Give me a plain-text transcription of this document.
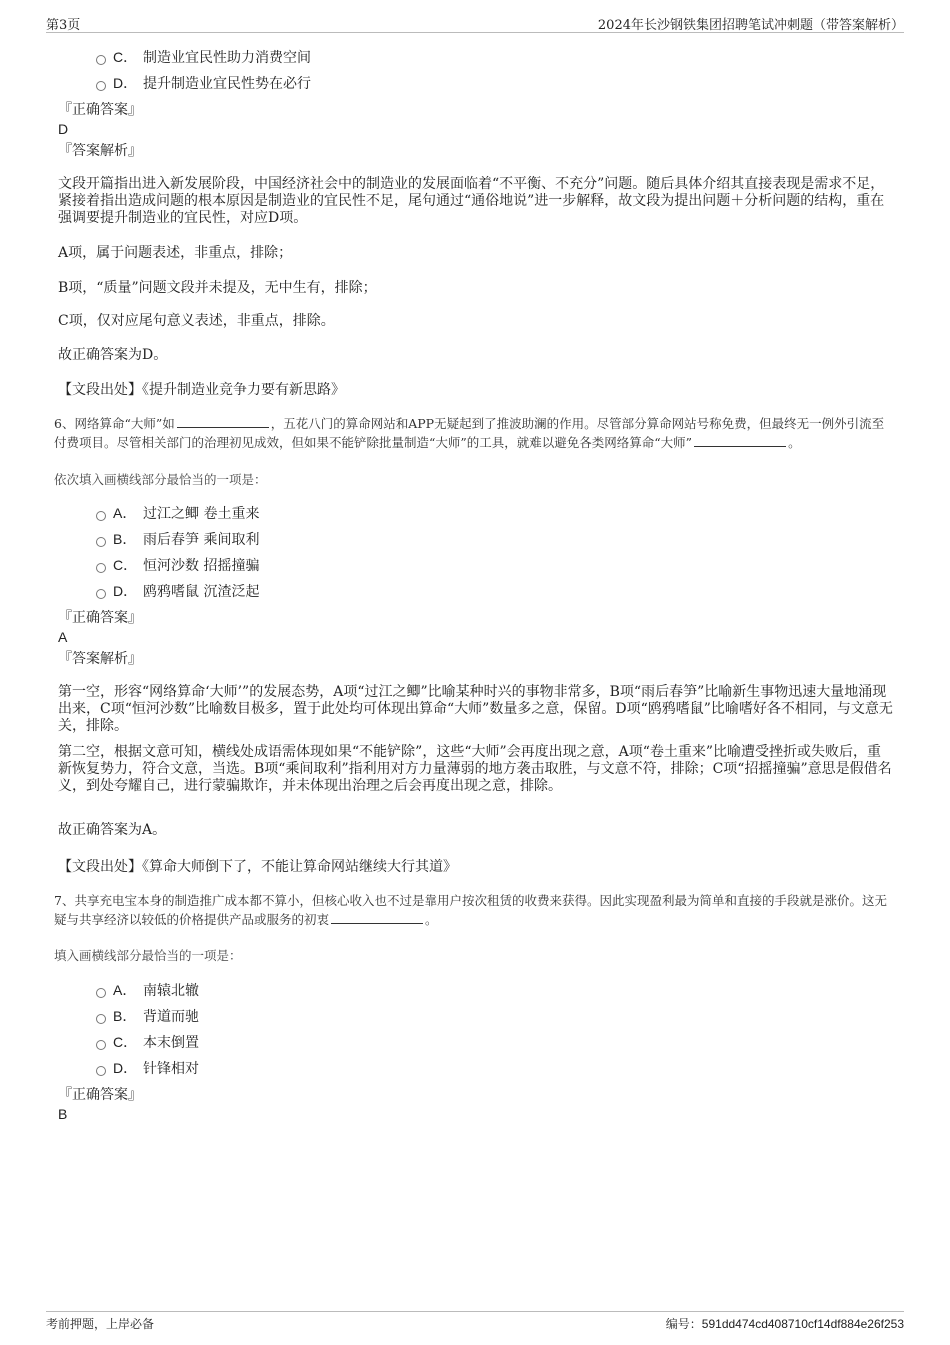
第3页	2024年长沙钢铁集团招聘笔试冲刺题（带答案解析）
C． 制造业宜民性助力消费空间
D． 提升制造业宜民性势在必行
『正确答案』
D
『答案解析』
文段开篇指出进入新发展阶段，中国经济社会中的制造业的发展面临着“不平衡、不充分”问题。随后具体介绍其直接表现是需求不足，紧接着指出造成问题的根本原因是制造业的宜民性不足，尾句通过“通俗地说”进一步解释，故文段为提出问题＋分析问题的结构，重在强调要提升制造业的宜民性，对应D项。
A项，属于问题表述，非重点，排除；
B项，“质量”问题文段并未提及，无中生有，排除；
C项，仅对应尾句意义表述，非重点，排除。
故正确答案为D。
【文段出处】《提升制造业竞争力要有新思路》
6、网络算命“大师”如	，五花八门的算命网站和APP无疑起到了推波助澜的作用。尽管部分算命网站号称免费，但最终无一例外引流至付费项目。尽管相关部门的治理初见成效，但如果不能铲除批量制造“大师”的工具，就难以避免各类网络算命“大师”	。
依次填入画横线部分最恰当的一项是：
A． 过江之鲫 卷土重来
B． 雨后春笋 乘间取利
C． 恒河沙数 招摇撞骗
D． 鸥鸦嗜鼠 沉渣泛起
『正确答案』
A
『答案解析』
第一空，形容“网络算命‘大师’”的发展态势，A项“过江之鲫”比喻某种时兴的事物非常多，B项“雨后春笋”比喻新生事物迅速大量地涌现出来，C项“恒河沙数”比喻数目极多，置于此处均可体现出算命“大师”数量多之意，保留。D项“鸥鸦嗜鼠”比喻嗜好各不相同，与文意无关，排除。
第二空，根据文意可知，横线处成语需体现如果“不能铲除”，这些“大师”会再度出现之意，A项“卷土重来”比喻遭受挫折或失败后，重新恢复势力，符合文意，当选。B项“乘间取利”指利用对方力量薄弱的地方袭击取胜，与文意不符，排除；C项“招摇撞骗”意思是假借名义，到处夸耀自己，进行蒙骗欺诈，并未体现出治理之后会再度出现之意，排除。
故正确答案为A。
【文段出处】《算命大师倒下了，不能让算命网站继续大行其道》
7、共享充电宝本身的制造推广成本都不算小，但核心收入也不过是靠用户按次租赁的收费来获得。因此实现盈利最为简单和直接的手段就是涨价。这无疑与共享经济以较低的价格提供产品或服务的初衷	。
填入画横线部分最恰当的一项是：
A． 南辕北辙
B． 背道而驰
C． 本末倒置
D． 针锋相对
『正确答案』
B
考前押题，上岸必备	编号：591dd474cd408710cf14df884e26f253
